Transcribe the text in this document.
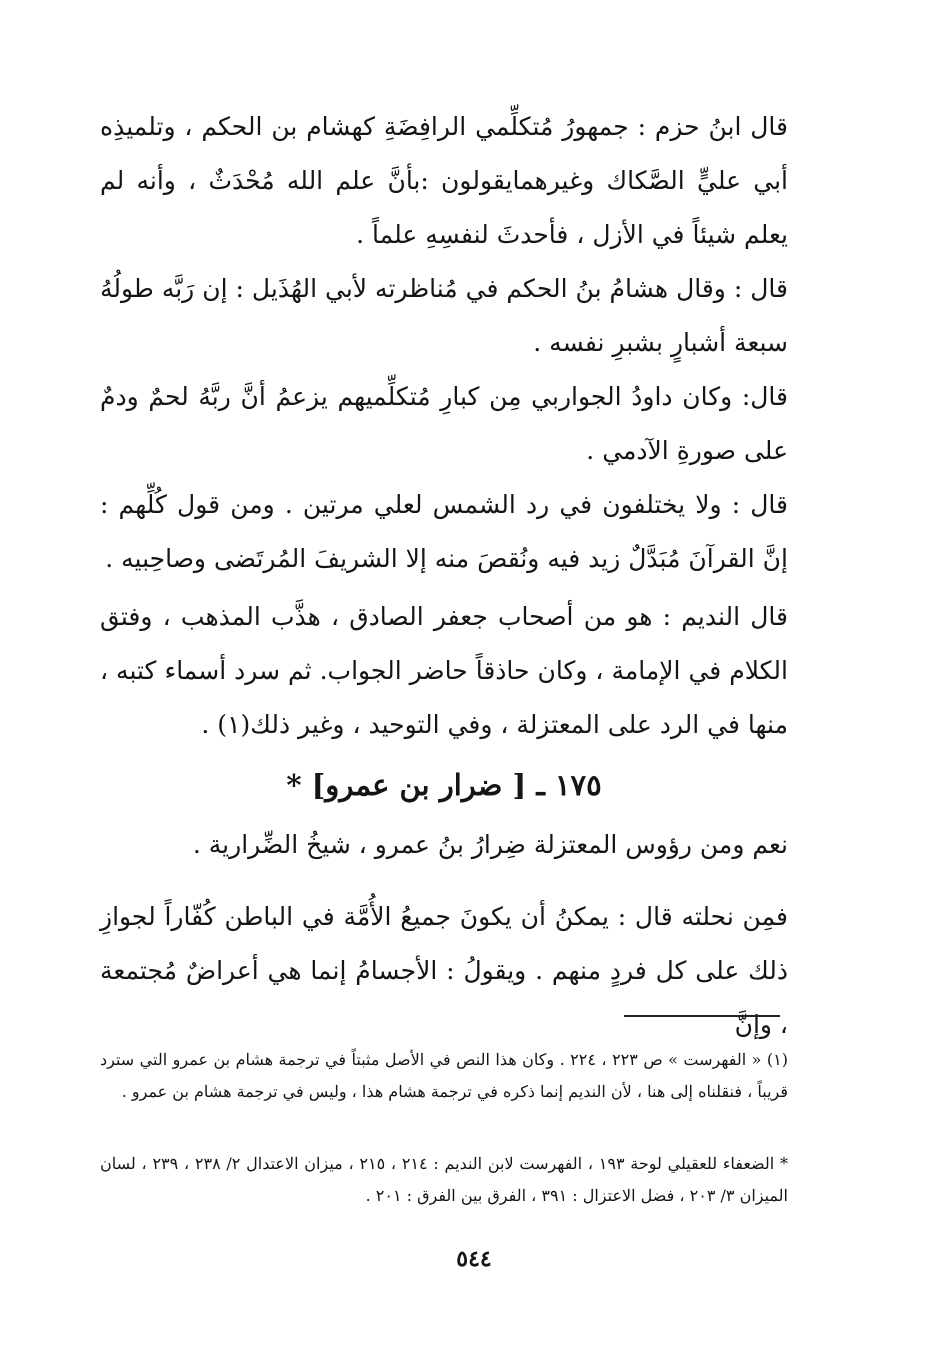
قال ابنُ حزم : جمهورُ مُتكلِّمي الرافِضَةِ كهشام بن الحكم ، وتلميذِه أبي عليٍّ الصَّكاك وغيرهمايقولون :بأنَّ علم الله مُحْدَثٌ ، وأنه لم يعلم شيئاً في الأزل ، فأحدثَ لنفسِهِ علماً .

قال : وقال هشامُ بنُ الحكم في مُناظرته لأبي الهُذَيل : إن رَبَّه طولُهُ سبعة أشبارٍ بشبرِ نفسه .

قال: وكان داودُ الجواربي مِن كبارِ مُتكلِّميهم يزعمُ أنَّ ربَّهُ لحمٌ ودمٌ على صورةِ الآدمي .

قال : ولا يختلفون في رد الشمس لعلي مرتين . ومن قول كُلِّهم : إنَّ القرآنَ مُبَدَّلٌ زيد فيه ونُقصَ منه إلا الشريفَ المُرتَضى وصاحِبيه .

قال النديم : هو من أصحاب جعفر الصادق ، هذَّب المذهب ، وفتق الكلام في الإمامة ، وكان حاذقاً حاضر الجواب. ثم سرد أسماء كتبه ، منها في الرد على المعتزلة ، وفي التوحيد ، وغير ذلك(١) .

١٧٥ ـ [ ضرار بن عمرو] *

نعم ومن رؤوس المعتزلة ضِرارُ بنُ عمرو ، شيخُ الضِّرارية .

فمِن نحلته قال : يمكنُ أن يكونَ جميعُ الأُمَّة في الباطن كُفّاراً لجوازِ ذلك على كل فردٍ منهم . ويقولُ : الأجسامُ إنما هي أعراضٌ مُجتمعة ، وإنَّ

(١) « الفهرست » ص ٢٢٣ ، ٢٢٤ . وكان هذا النص في الأصل مثبتاً في ترجمة هشام بن عمرو التي سترد قريباً ، فنقلناه إلى هنا ، لأن النديم إنما ذكره في ترجمة هشام هذا ، وليس في ترجمة هشام بن عمرو .

* الضعفاء للعقيلي لوحة ١٩٣ ، الفهرست لابن النديم : ٢١٤ ، ٢١٥ ، ميزان الاعتدال ٢/ ٢٣٨ ، ٢٣٩ ، لسان الميزان ٣/ ٢٠٣ ، فضل الاعتزال : ٣٩١ ، الفرق بين الفرق : ٢٠١ .

٥٤٤
